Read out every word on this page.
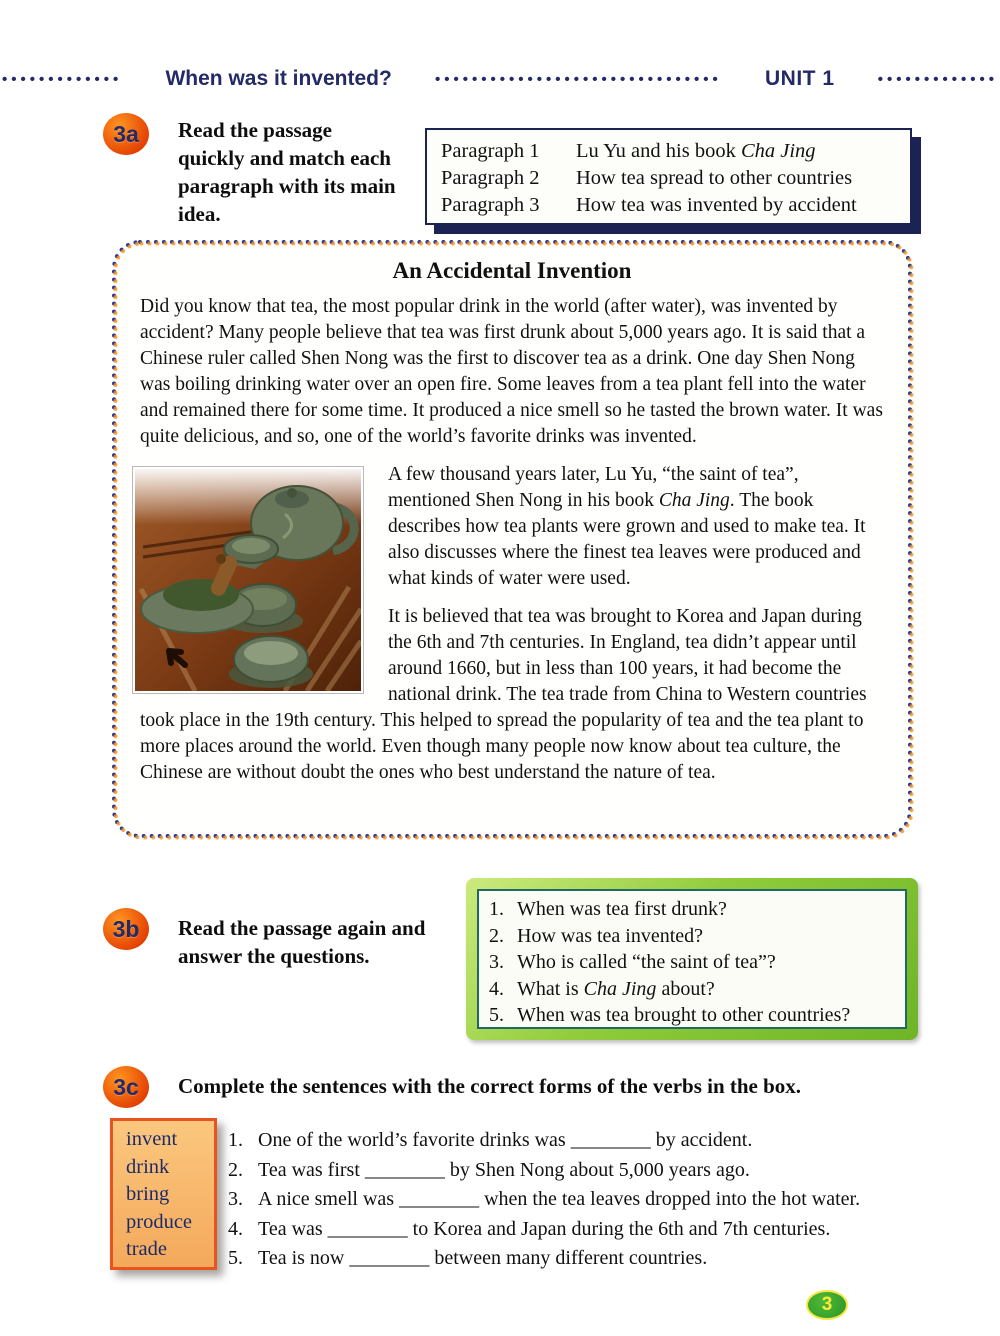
••••••••••••• When was it invented?	••••••••••••••••••••••••••••••• UNIT 1	•••••••••••••
3a	Read the passage quickly and match each paragraph with its main idea.
Paragraph 1	Lu Yu and his book Cha Jing
Paragraph 2	How tea spread to other countries
Paragraph 3	How tea was invented by accident
An Accidental Invention

Did you know that tea, the most popular drink in the world (after water), was invented by accident? Many people believe that tea was first drunk about 5,000 years ago. It is said that a Chinese ruler called Shen Nong was the first to discover tea as a drink. One day Shen Nong was boiling drinking water over an open fire. Some leaves from a tea plant fell into the water and remained there for some time. It produced a nice smell so he tasted the brown water. It was quite delicious, and so, one of the world’s favorite drinks was invented.

A few thousand years later, Lu Yu, “the saint of tea”, mentioned Shen Nong in his book Cha Jing. The book describes how tea plants were grown and used to make tea. It also discusses where the finest tea leaves were produced and what kinds of water were used.

It is believed that tea was brought to Korea and Japan during the 6th and 7th centuries. In England, tea didn’t appear until around 1660, but in less than 100 years, it had become the national drink. The tea trade from China to Western countries took place in the 19th century. This helped to spread the popularity of tea and the tea plant to more places around the world. Even though many people now know about tea culture, the Chinese are without doubt the ones who best understand the nature of tea.

3b	Read the passage again and answer the questions.
1. When was tea first drunk?
2. How was tea invented?
3. Who is called “the saint of tea”?
4. What is Cha Jing about?
5. When was tea brought to other countries?
3c	Complete the sentences with the correct forms of the verbs in the box.
invent
drink
bring
produce
trade
1. One of the world’s favorite drinks was ________ by accident.
2. Tea was first ________ by Shen Nong about 5,000 years ago.
3. A nice smell was ________ when the tea leaves dropped into the hot water.
4. Tea was ________ to Korea and Japan during the 6th and 7th centuries.
5. Tea is now ________ between many different countries.
3
